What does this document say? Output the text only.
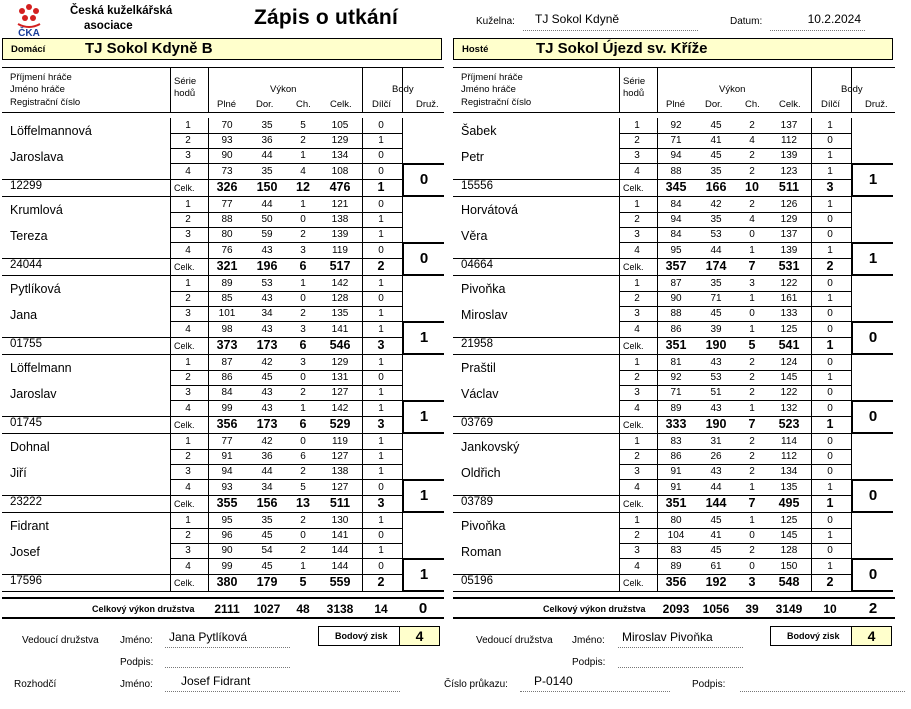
ČKA
Česká kuželkářská
asociace	Zápis o utkání	Kuželna:	TJ Sokol Kdyně	Datum:	10.2.2024
Domácí	TJ Sokol Kdyně B	Hosté	TJ Sokol Újezd sv. Kříže
Příjmení hráče
Jméno hráče
Registrační číslo
Série
hodů	Výkon
Plné Dor. Ch. Celk.
Body
Dílčí	Druž.
Löffelmannová
Jaroslava
12299
1	70	35	5	105	0
2	93	36	2	129	1
3	90	44	1	134	0
4	73	35	4	108	0
Celk.	326	150	12	476	1	0
Krumlová
Tereza
24044
1	77	44	1	121	0
2	88	50	0	138	1
3	80	59	2	139	1
4	76	43	3	119	0
Celk.	321	196	6	517	2	0
Pytlíková
Jana
01755
1	89	53	1	142	1
2	85	43	0	128	0
3	101	34	2	135	1
4	98	43	3	141	1
Celk.	373	173	6	546	3	1
Löffelmann
Jaroslav
01745
1	87	42	3	129	1
2	86	45	0	131	0
3	84	43	2	127	1
4	99	43	1	142	1
Celk.	356	173	6	529	3	1
Dohnal
Jiří
23222
1	77	42	0	119	1
2	91	36	6	127	1
3	94	44	2	138	1
4	93	34	5	127	0
Celk.	355	156	13	511	3	1
Fidrant
Josef
17596
1	95	35	2	130	1
2	96	45	0	141	0
3	90	54	2	144	1
4	99	45	1	144	0
Celk.	380	179	5	559	2	1
Příjmení hráče
Jméno hráče
Registrační číslo
Série
hodů	Výkon
Plné Dor. Ch. Celk.
Body
Dílčí	Druž.
Šabek
Petr
15556
1	92	45	2	137	1
2	71	41	4	112	0
3	94	45	2	139	1
4	88	35	2	123	1
Celk.	345	166	10	511	3	1
Horvátová
Věra
04664
1	84	42	2	126	1
2	94	35	4	129	0
3	84	53	0	137	0
4	95	44	1	139	1
Celk.	357	174	7	531	2	1
Pivoňka
Miroslav
21958
1	87	35	3	122	0
2	90	71	1	161	1
3	88	45	0	133	0
4	86	39	1	125	0
Celk.	351	190	5	541	1	0
Praštil
Václav
03769
1	81	43	2	124	0
2	92	53	2	145	1
3	71	51	2	122	0
4	89	43	1	132	0
Celk.	333	190	7	523	1	0
Jankovský
Oldřich
03789
1	83	31	2	114	0
2	86	26	2	112	0
3	91	43	2	134	0
4	91	44	1	135	1
Celk.	351	144	7	495	1	0
Pivoňka
Roman
05196
1	80	45	1	125	0
2	104	41	0	145	1
3	83	45	2	128	0
4	89	61	0	150	1
Celk.	356	192	3	548	2	0
Celkový výkon družstva	2111	1027	48	3138	14	0	Celkový výkon družstva	2093	1056	39	3149	10	2
Vedoucí družstva Jméno:	Jana Pytlíková
Podpis:
Bodový zisk	4	Vedoucí družstva Jméno:	Miroslav Pivoňka
Podpis:
Bodový zisk	4
Rozhodčí	Jméno:	Josef Fidrant	Číslo průkazu:	P-0140	Podpis:
